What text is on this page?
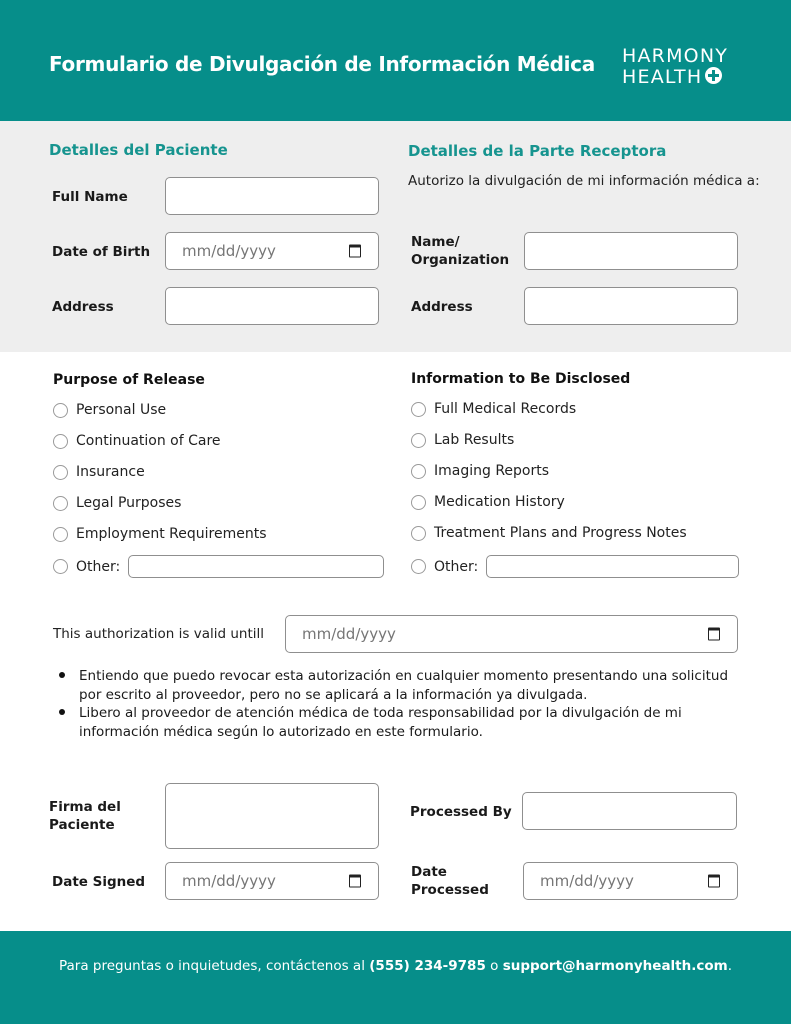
Formulario de Divulgación de Información Médica HARMONY
HEALTH
Detalles del Paciente
Full Name
Date of Birth mm/dd/yyyy
Address
Detalles de la Parte Receptora
Autorizo la divulgación de mi información médica a:
Name/
Organization
Address
Purpose of Release
Personal Use
Continuation of Care
Insurance
Legal Purposes
Employment Requirements
Other:
Information to Be Disclosed
Full Medical Records
Lab Results
Imaging Reports
Medication History
Treatment Plans and Progress Notes
Other:
This authorization is valid untill	mm/dd/yyyy
Entiendo que puedo revocar esta autorización en cualquier momento presentando una solicitud por escrito al proveedor, pero no se aplicará a la información ya divulgada.
Libero al proveedor de atención médica de toda responsabilidad por la divulgación de mi información médica según lo autorizado en este formulario.
Firma del
Paciente
Date Signed mm/dd/yyyy
Processed By
Date
Processed	mm/dd/yyyy
Para preguntas o inquietudes, contáctenos al (555) 234-9785 o support@harmonyhealth.com.
